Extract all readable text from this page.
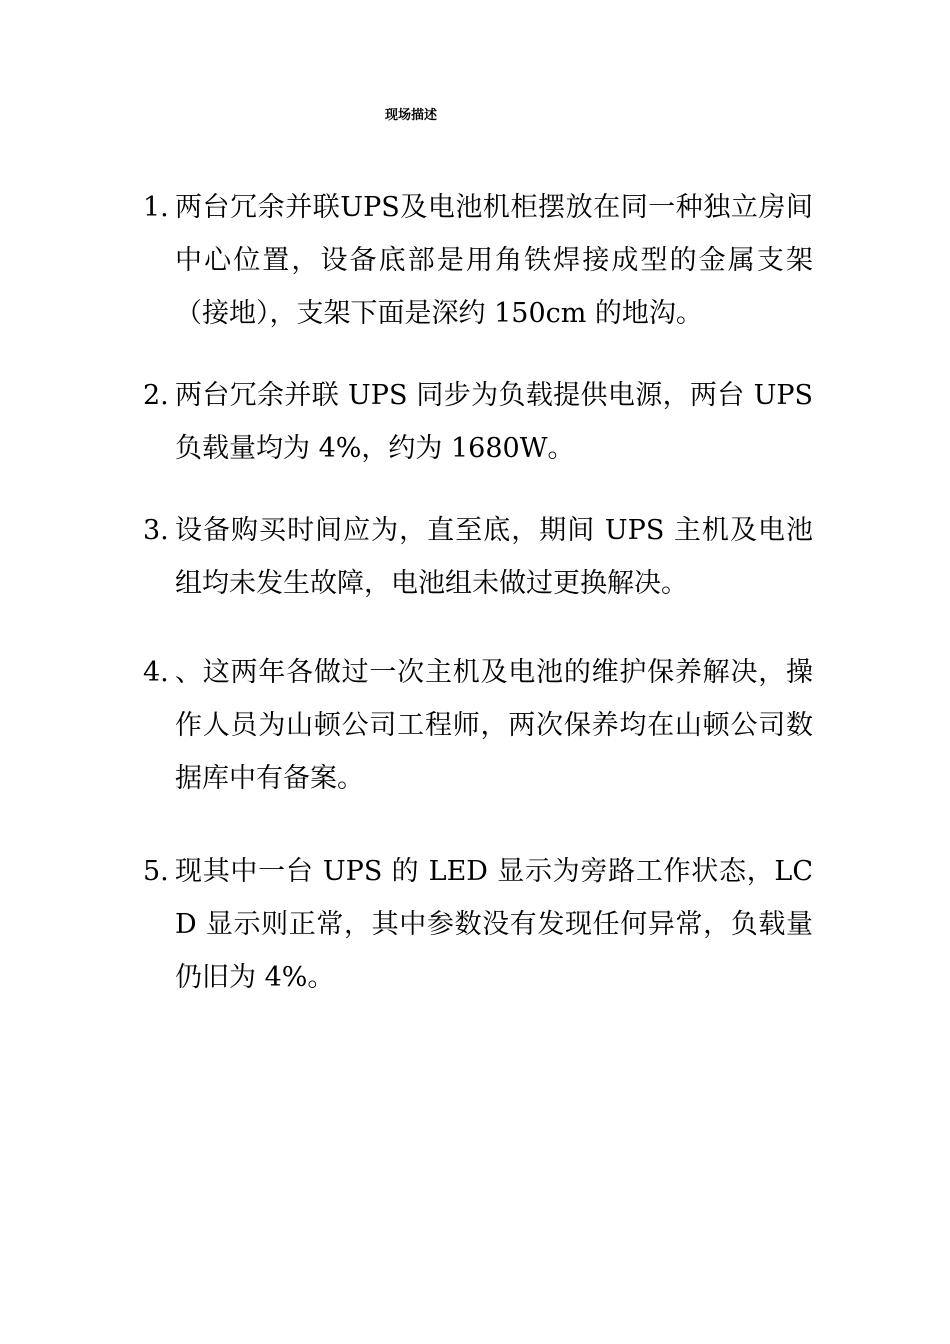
现场描述
1. 两台冗余并联UPS及电池机柜摆放在同一种独立房间中心位置，设备底部是用角铁焊接成型的金属支架（接地），支架下面是深约 150cm 的地沟。
2. 两台冗余并联 UPS 同步为负载提供电源，两台 UPS 负载量均为 4%，约为 1680W。
3. 设备购买时间应为，直至底，期间 UPS 主机及电池组均未发生故障，电池组未做过更换解决。
4. 、这两年各做过一次主机及电池的维护保养解决，操作人员为山顿公司工程师，两次保养均在山顿公司数据库中有备案。
5. 现其中一台 UPS 的 LED 显示为旁路工作状态，LCD 显示则正常，其中参数没有发现任何异常，负载量仍旧为 4%。
